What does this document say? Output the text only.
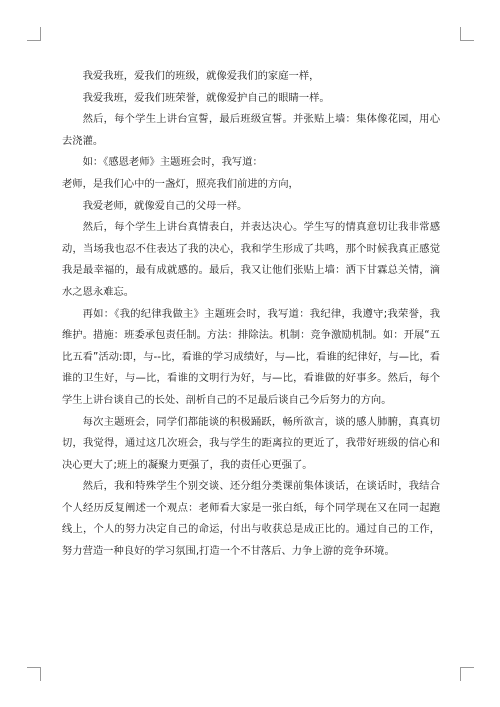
我爱我班，爱我们的班级，就像爱我们的家庭一样，

我爱我班，爱我们班荣誉，就像爱护自己的眼睛一样。

然后，每个学生上讲台宣誓，最后班级宣誓。并张贴上墙：集体像花园，用心去浇灌。

如：《感恩老师》主题班会时，我写道：

老师，是我们心中的一盏灯，照亮我们前进的方向，

我爱老师，就像爱自己的父母一样。

然后，每个学生上讲台真情表白，并表达决心。学生写的情真意切让我非常感动，当场我也忍不住表达了我的决心，我和学生形成了共鸣，那个时候我真正感觉我是最幸福的，最有成就感的。最后，我又让他们张贴上墙：洒下甘霖总关情，滴水之恩永难忘。

再如：《我的纪律我做主》主题班会时，我写道：我纪律，我遵守;我荣誉，我维护。措施：班委承包责任制。方法：排除法。机制：竞争激励机制。如：开展“五比五看”活动:即，与--比，看谁的学习成绩好，与—比，看谁的纪律好，与—比，看谁的卫生好，与—比，看谁的文明行为好，与—比，看谁做的好事多。然后，每个学生上讲台谈自己的长处、剖析自己的不足最后谈自己今后努力的方向。

每次主题班会，同学们都能谈的积极踊跃，畅所欲言，谈的感人肺腑，真真切切，我觉得，通过这几次班会，我与学生的距离拉的更近了，我带好班级的信心和决心更大了;班上的凝聚力更强了，我的责任心更强了。

然后，我和特殊学生个别交谈、还分组分类课前集体谈话，在谈话时，我结合个人经历反复阐述一个观点：老师看大家是一张白纸，每个同学现在又在同一起跑线上，个人的努力决定自己的命运，付出与收获总是成正比的。通过自己的工作，努力营造一种良好的学习氛围,打造一个不甘落后、力争上游的竞争环境。
